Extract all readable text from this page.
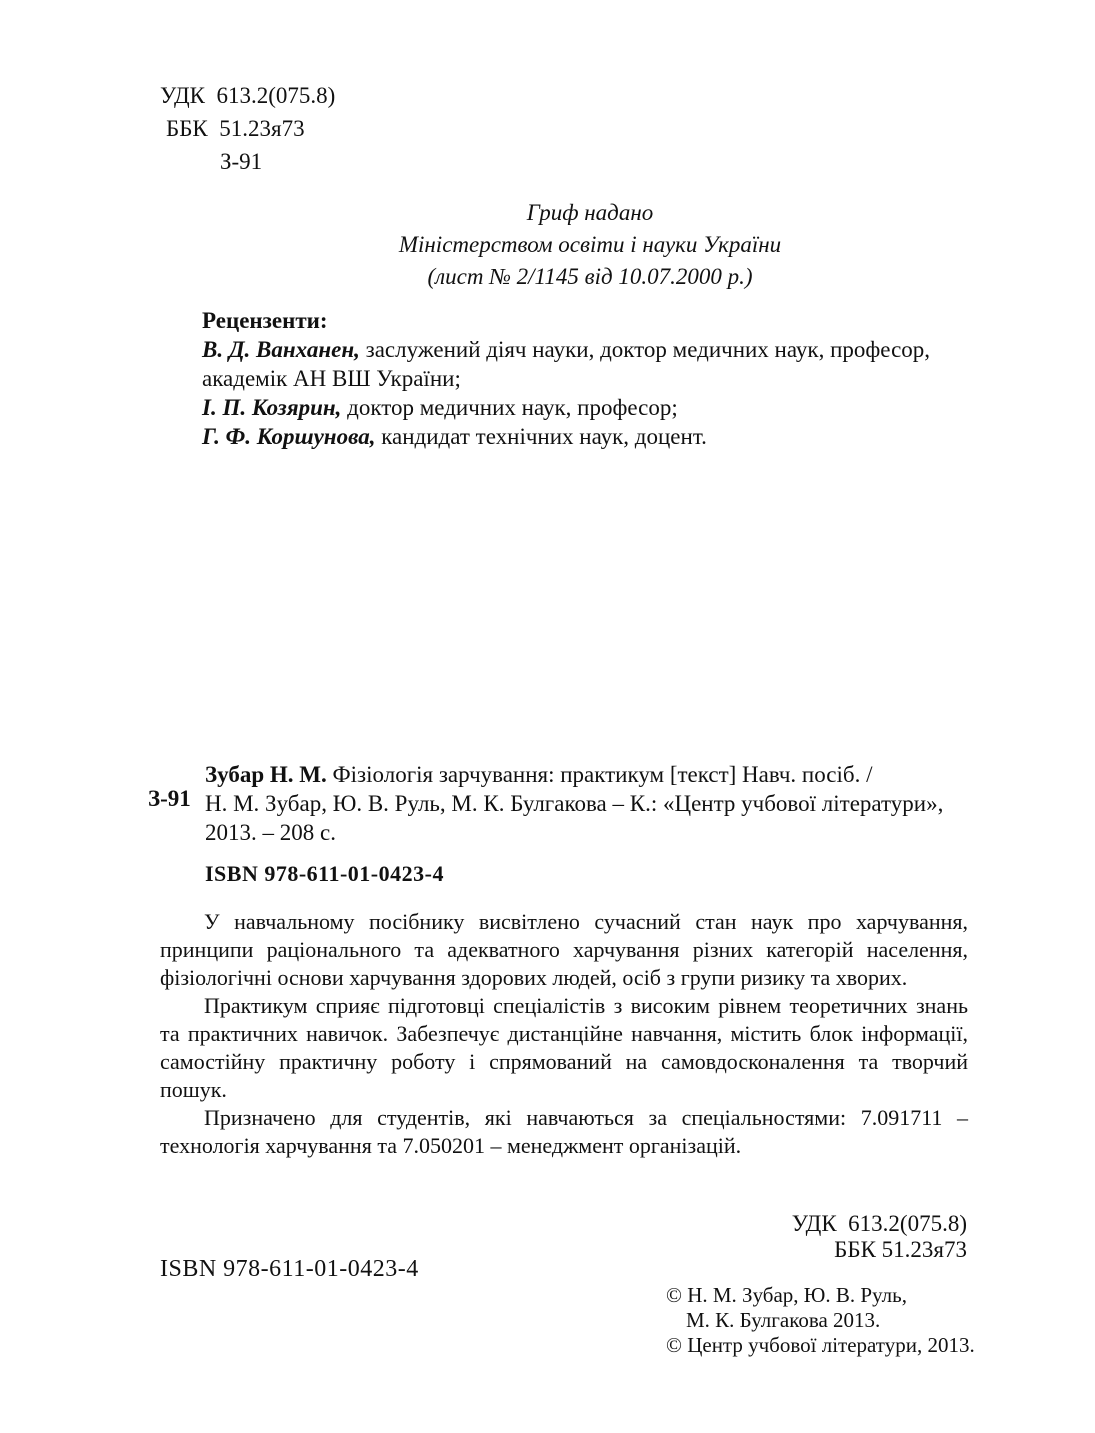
УДК  613.2(075.8)
ББК  51.23я73
З-91
Гриф надано
Міністерством освіти і науки України
(лист № 2/1145 від 10.07.2000 р.)
Рецензенти:
В. Д. Ванханен, заслужений діяч науки, доктор медичних наук, професор,
академік АН ВШ України;
І. П. Козярин, доктор медичних наук, професор;
Г. Ф. Коршунова, кандидат технічних наук, доцент.
З-91
Зубар Н. М. Фізіологія зарчування: практикум [текст] Навч. посіб. /
Н. М. Зубар, Ю. В. Руль, М. К. Булгакова – К.: «Центр учбової літератури»,
2013. – 208 с.
ISBN 978-611-01-0423-4

У навчальному посібнику висвітлено сучасний стан наук про харчування, принципи раціонального та адекватного харчування різних категорій населення, фізіологічні основи харчування здорових людей, осіб з групи ризику та хворих.

Практикум сприяє підготовці спеціалістів з високим рівнем теоретичних знань та практичних навичок. Забезпечує дистанційне навчання, містить блок інформації, самостійну практичну роботу і спрямований на самовдосконалення та творчий пошук.

Призначено для студентів, які навчаються за спеціальностями: 7.091711 – технологія харчування та 7.050201 – менеджмент організацій.

УДК  613.2(075.8)
ББК 51.23я73
ISBN 978-611-01-0423-4
© Н. М. Зубар, Ю. В. Руль,
М. К. Булгакова 2013.
© Центр учбової літератури, 2013.
